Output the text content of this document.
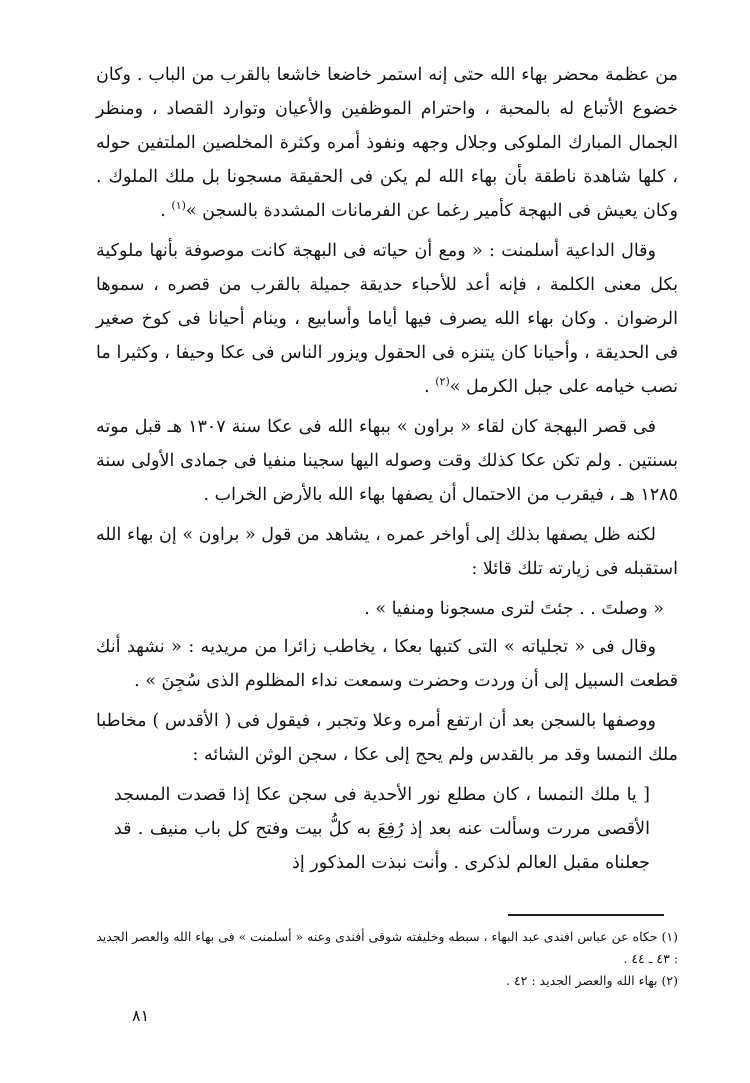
من عظمة محضر بهاء الله حتى إنه استمر خاضعا خاشعا بالقرب من الباب . وكان خضوع الأتباع له بالمحبة ، واحترام الموظفين والأعيان وتوارد القصاد ، ومنظر الجمال المبارك الملوكى وجلال وجهه ونفوذ أمره وكثرة المخلصين الملتفين حوله ، كلها شاهدة ناطقة بأن بهاء الله لم يكن فى الحقيقة مسجونا بل ملك الملوك . وكان يعيش فى البهجة كأمير رغما عن الفرمانات المشددة بالسجن »$^{(١)}$ .

وقال الداعية أسلمنت : « ومع أن حياته فى البهجة كانت موصوفة بأنها ملوكية بكل معنى الكلمة ، فإنه أعد للأحباء حديقة جميلة بالقرب من قصره ، سموها الرضوان . وكان بهاء الله يصرف فيها أياما وأسابيع ، وينام أحيانا فى كوخ صغير فى الحديقة ، وأحيانا كان يتنزه فى الحقول ويزور الناس فى عكا وحيفا ، وكثيرا ما نصب خيامه على جبل الكرمل »$^{(٢)}$ .

فى قصر البهجة كان لقاء « براون » ببهاء الله فى عكا سنة ١٣٠٧ هـ قبل موته بسنتين . ولم تكن عكا كذلك وقت وصوله اليها سجينا منفيا فى جمادى الأولى سنة ١٢٨٥ هـ ، فيقرب من الاحتمال أن يصفها بهاء الله بالأرض الخراب .

لكنه ظل يصفها بذلك إلى أواخر عمره ، يشاهد من قول « براون » إن بهاء الله استقبله فى زيارته تلك قائلا :

« وصلتَ . . جئتَ لترى مسجونا ومنفيا » .

وقال فى « تجلياته » التى كتبها بعكا ، يخاطب زائرا من مريديه : « نشهد أنك قطعت السبيل إلى أن وردت وحضرت وسمعت نداء المظلوم الذى سُجِنَ » .

ووصفها بالسجن بعد أن ارتفع أمره وعلا وتجبر ، فيقول فى ( الأقدس ) مخاطبا ملك النمسا وقد مر بالقدس ولم يحج إلى عكا ، سجن الوثن الشائه :

[ يا ملك النمسا ، كان مطلع نور الأحدية فى سجن عكا إذا قصدت المسجد الأقصى مررت وسألت عنه بعد إذ رُفِعَ به كلُّ بيت وفتح كل باب منيف . قد جعلناه مقبل العالم لذكرى . وأنت نبذت المذكور إذ

(١) حكاه عن عباس افندى عبد البهاء ، سبطه وخليفته شوقى أفندى وعنه « أسلمنت » فى بهاء الله والعصر الجديد : ٤٣ ـ ٤٤ .

(٢) بهاء الله والعصر الجديد : ٤٢ .

٨١
